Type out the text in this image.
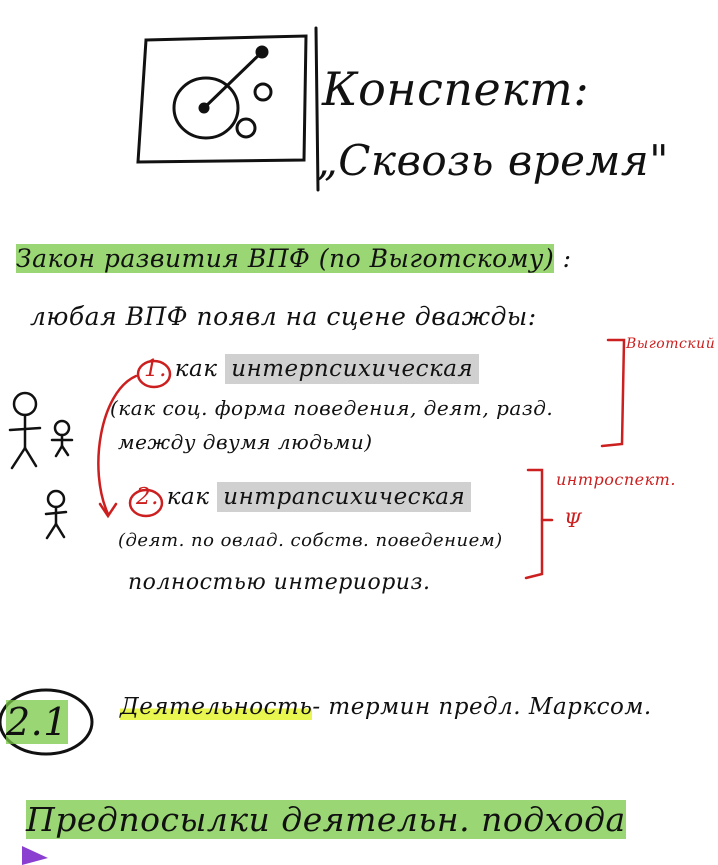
Конспект:
„Сквозь время"
Закон развития ВПФ (по Выготскому) :
любая ВПФ появл на сцене дважды:
1. как интерпсихическая
(как соц. форма поведения, деят, разд.
между двумя людьми)
Выготский
2. как интрапсихическая
(деят. по овлад. собств. поведением)
полностью интериориз.
интроспект.
Ψ
2.1 Деятельность- термин предл. Марксом.
Предпосылки деятельн. подхода
